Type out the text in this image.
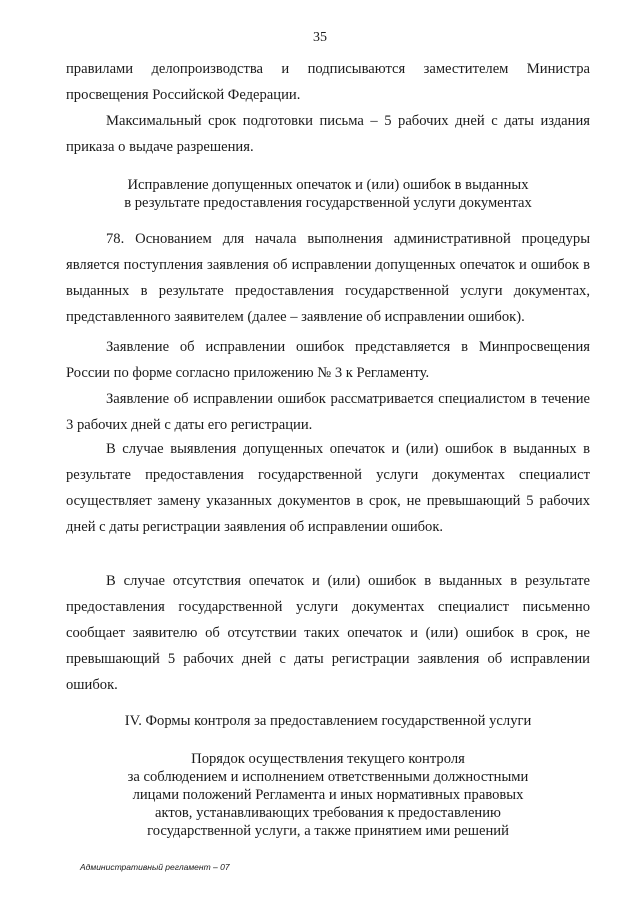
35

правилами делопроизводства и подписываются заместителем Министра просвещения Российской Федерации.

Максимальный срок подготовки письма – 5 рабочих дней с даты издания приказа о выдаче разрешения.

Исправление допущенных опечаток и (или) ошибок в выданных
в результате предоставления государственной услуги документах

78. Основанием для начала выполнения административной процедуры является поступления заявления об исправлении допущенных опечаток и ошибок в выданных в результате предоставления государственной услуги документах, представленного заявителем (далее – заявление об исправлении ошибок).

Заявление об исправлении ошибок представляется в Минпросвещения России по форме согласно приложению № 3 к Регламенту.

Заявление об исправлении ошибок рассматривается специалистом в течение 3 рабочих дней с даты его регистрации.

В случае выявления допущенных опечаток и (или) ошибок в выданных в результате предоставления государственной услуги документах специалист осуществляет замену указанных документов в срок, не превышающий 5 рабочих дней с даты регистрации заявления об исправлении ошибок.

В случае отсутствия опечаток и (или) ошибок в выданных в результате предоставления государственной услуги документах специалист письменно сообщает заявителю об отсутствии таких опечаток и (или) ошибок в срок, не превышающий 5 рабочих дней с даты регистрации заявления об исправлении ошибок.

IV. Формы контроля за предоставлением государственной услуги
Порядок осуществления текущего контроля
за соблюдением и исполнением ответственными должностными
лицами положений Регламента и иных нормативных правовых
актов, устанавливающих требования к предоставлению
государственной услуги, а также принятием ими решений
Административный регламент – 07
